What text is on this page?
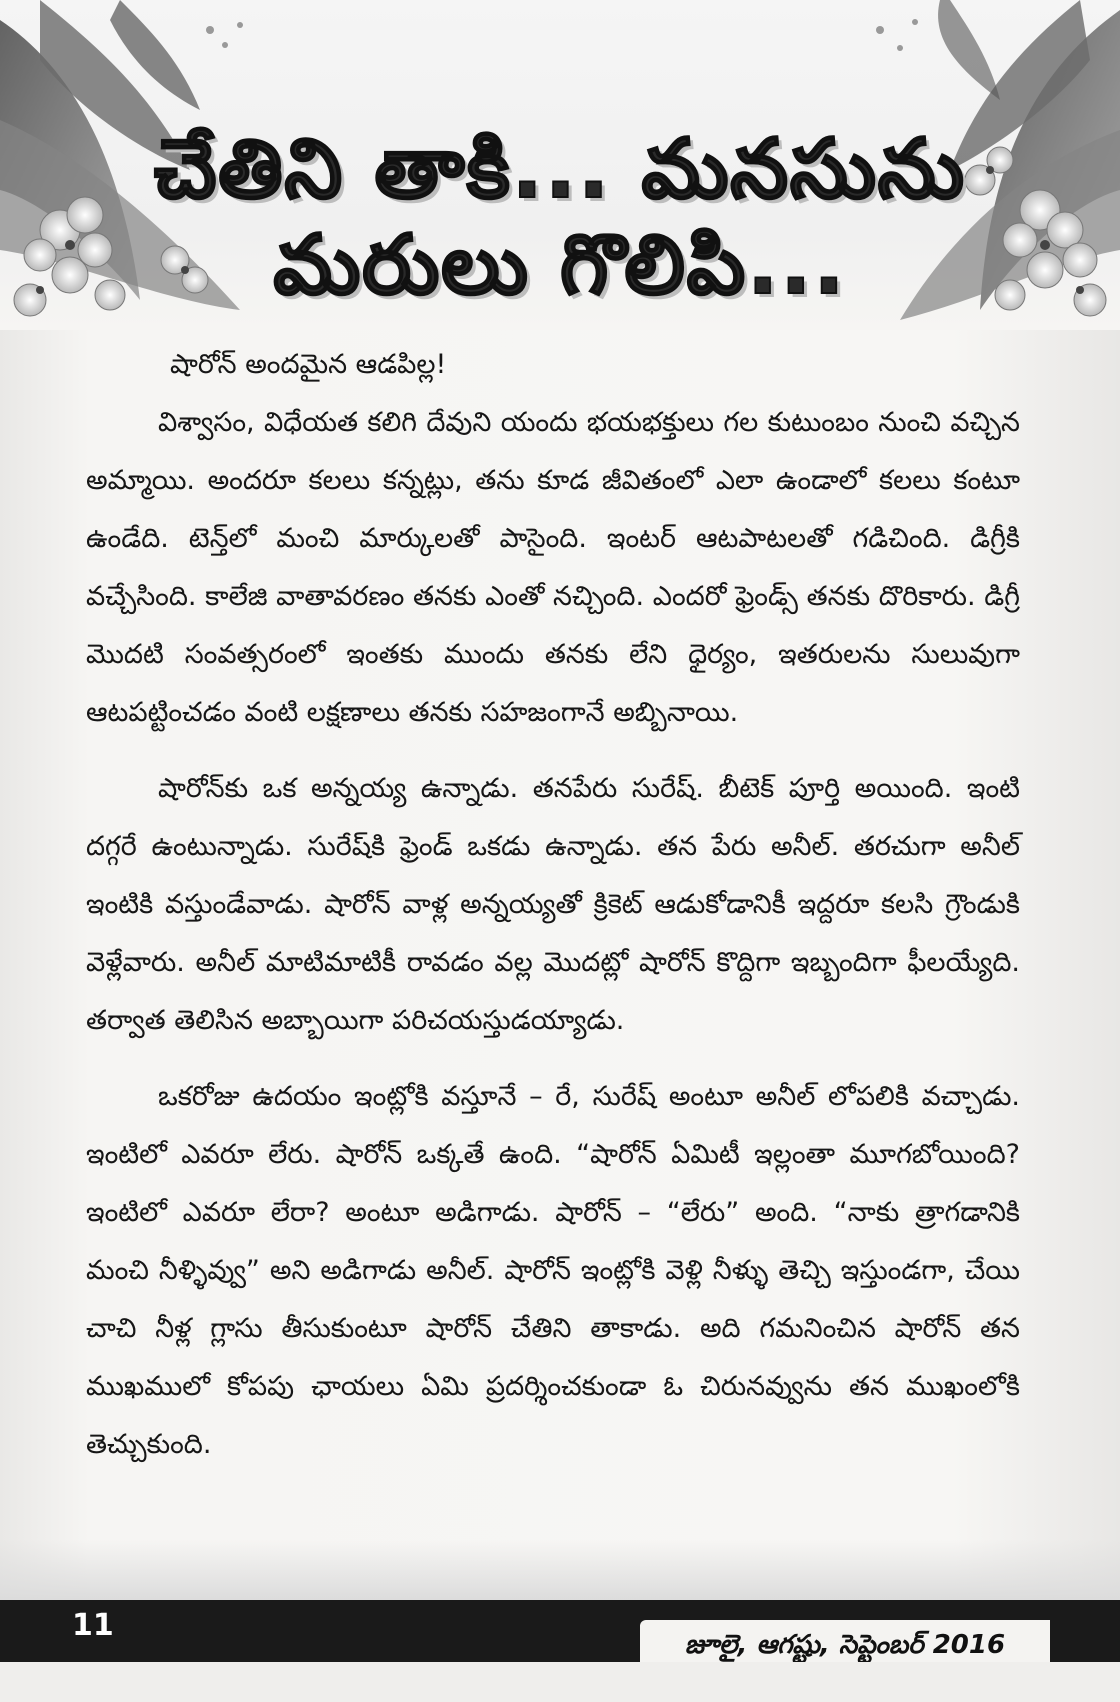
చేతిని తాకి... మనసును
మరులు గొలిపి...

షారోన్ అందమైన ఆడపిల్ల!

విశ్వాసం, విధేయత కలిగి దేవుని యందు భయభక్తులు గల కుటుంబం నుంచి వచ్చిన అమ్మాయి. అందరూ కలలు కన్నట్లు, తను కూడ జీవితంలో ఎలా ఉండాలో కలలు కంటూ ఉండేది. టెన్త్‌లో మంచి మార్కులతో పాసైంది. ఇంటర్ ఆటపాటలతో గడిచింది. డిగ్రీకి వచ్చేసింది. కాలేజి వాతావరణం తనకు ఎంతో నచ్చింది. ఎందరో ఫ్రెండ్స్ తనకు దొరికారు. డిగ్రీ మొదటి సంవత్సరంలో ఇంతకు ముందు తనకు లేని ధైర్యం, ఇతరులను సులువుగా ఆటపట్టించడం వంటి లక్షణాలు తనకు సహజంగానే అబ్బినాయి.

షారోన్‌కు ఒక అన్నయ్య ఉన్నాడు. తనపేరు సురేష్. బీటెక్ పూర్తి అయింది. ఇంటి దగ్గరే ఉంటున్నాడు. సురేష్‌కి ఫ్రెండ్ ఒకడు ఉన్నాడు. తన పేరు అనీల్. తరచుగా అనీల్ ఇంటికి వస్తుండేవాడు. షారోన్ వాళ్ల అన్నయ్యతో క్రికెట్ ఆడుకోడానికీ ఇద్దరూ కలసి గ్రౌండుకి వెళ్లేవారు. అనీల్ మాటిమాటికీ రావడం వల్ల మొదట్లో షారోన్ కొద్దిగా ఇబ్బందిగా ఫీలయ్యేది. తర్వాత తెలిసిన అబ్బాయిగా పరిచయస్తుడయ్యాడు.

ఒకరోజు ఉదయం ఇంట్లోకి వస్తూనే – రే, సురేష్ అంటూ అనీల్ లోపలికి వచ్చాడు. ఇంటిలో ఎవరూ లేరు. షారోన్ ఒక్కతే ఉంది. “షారోన్ ఏమిటీ ఇల్లంతా మూగబోయింది? ఇంటిలో ఎవరూ లేరా? అంటూ అడిగాడు. షారోన్ – “లేరు” అంది. “నాకు త్రాగడానికి మంచి నీళ్ళివ్వు” అని అడిగాడు అనీల్. షారోన్ ఇంట్లోకి వెళ్లి నీళ్ళు తెచ్చి ఇస్తుండగా, చేయి చాచి నీళ్ల గ్లాసు తీసుకుంటూ షారోన్ చేతిని తాకాడు. అది గమనించిన షారోన్ తన ముఖములో కోపపు ఛాయలు ఏమి ప్రదర్శించకుండా ఓ చిరునవ్వును తన ముఖంలోకి తెచ్చుకుంది.

11
జూలై, ఆగష్టు, సెప్టెంబర్ 2016
